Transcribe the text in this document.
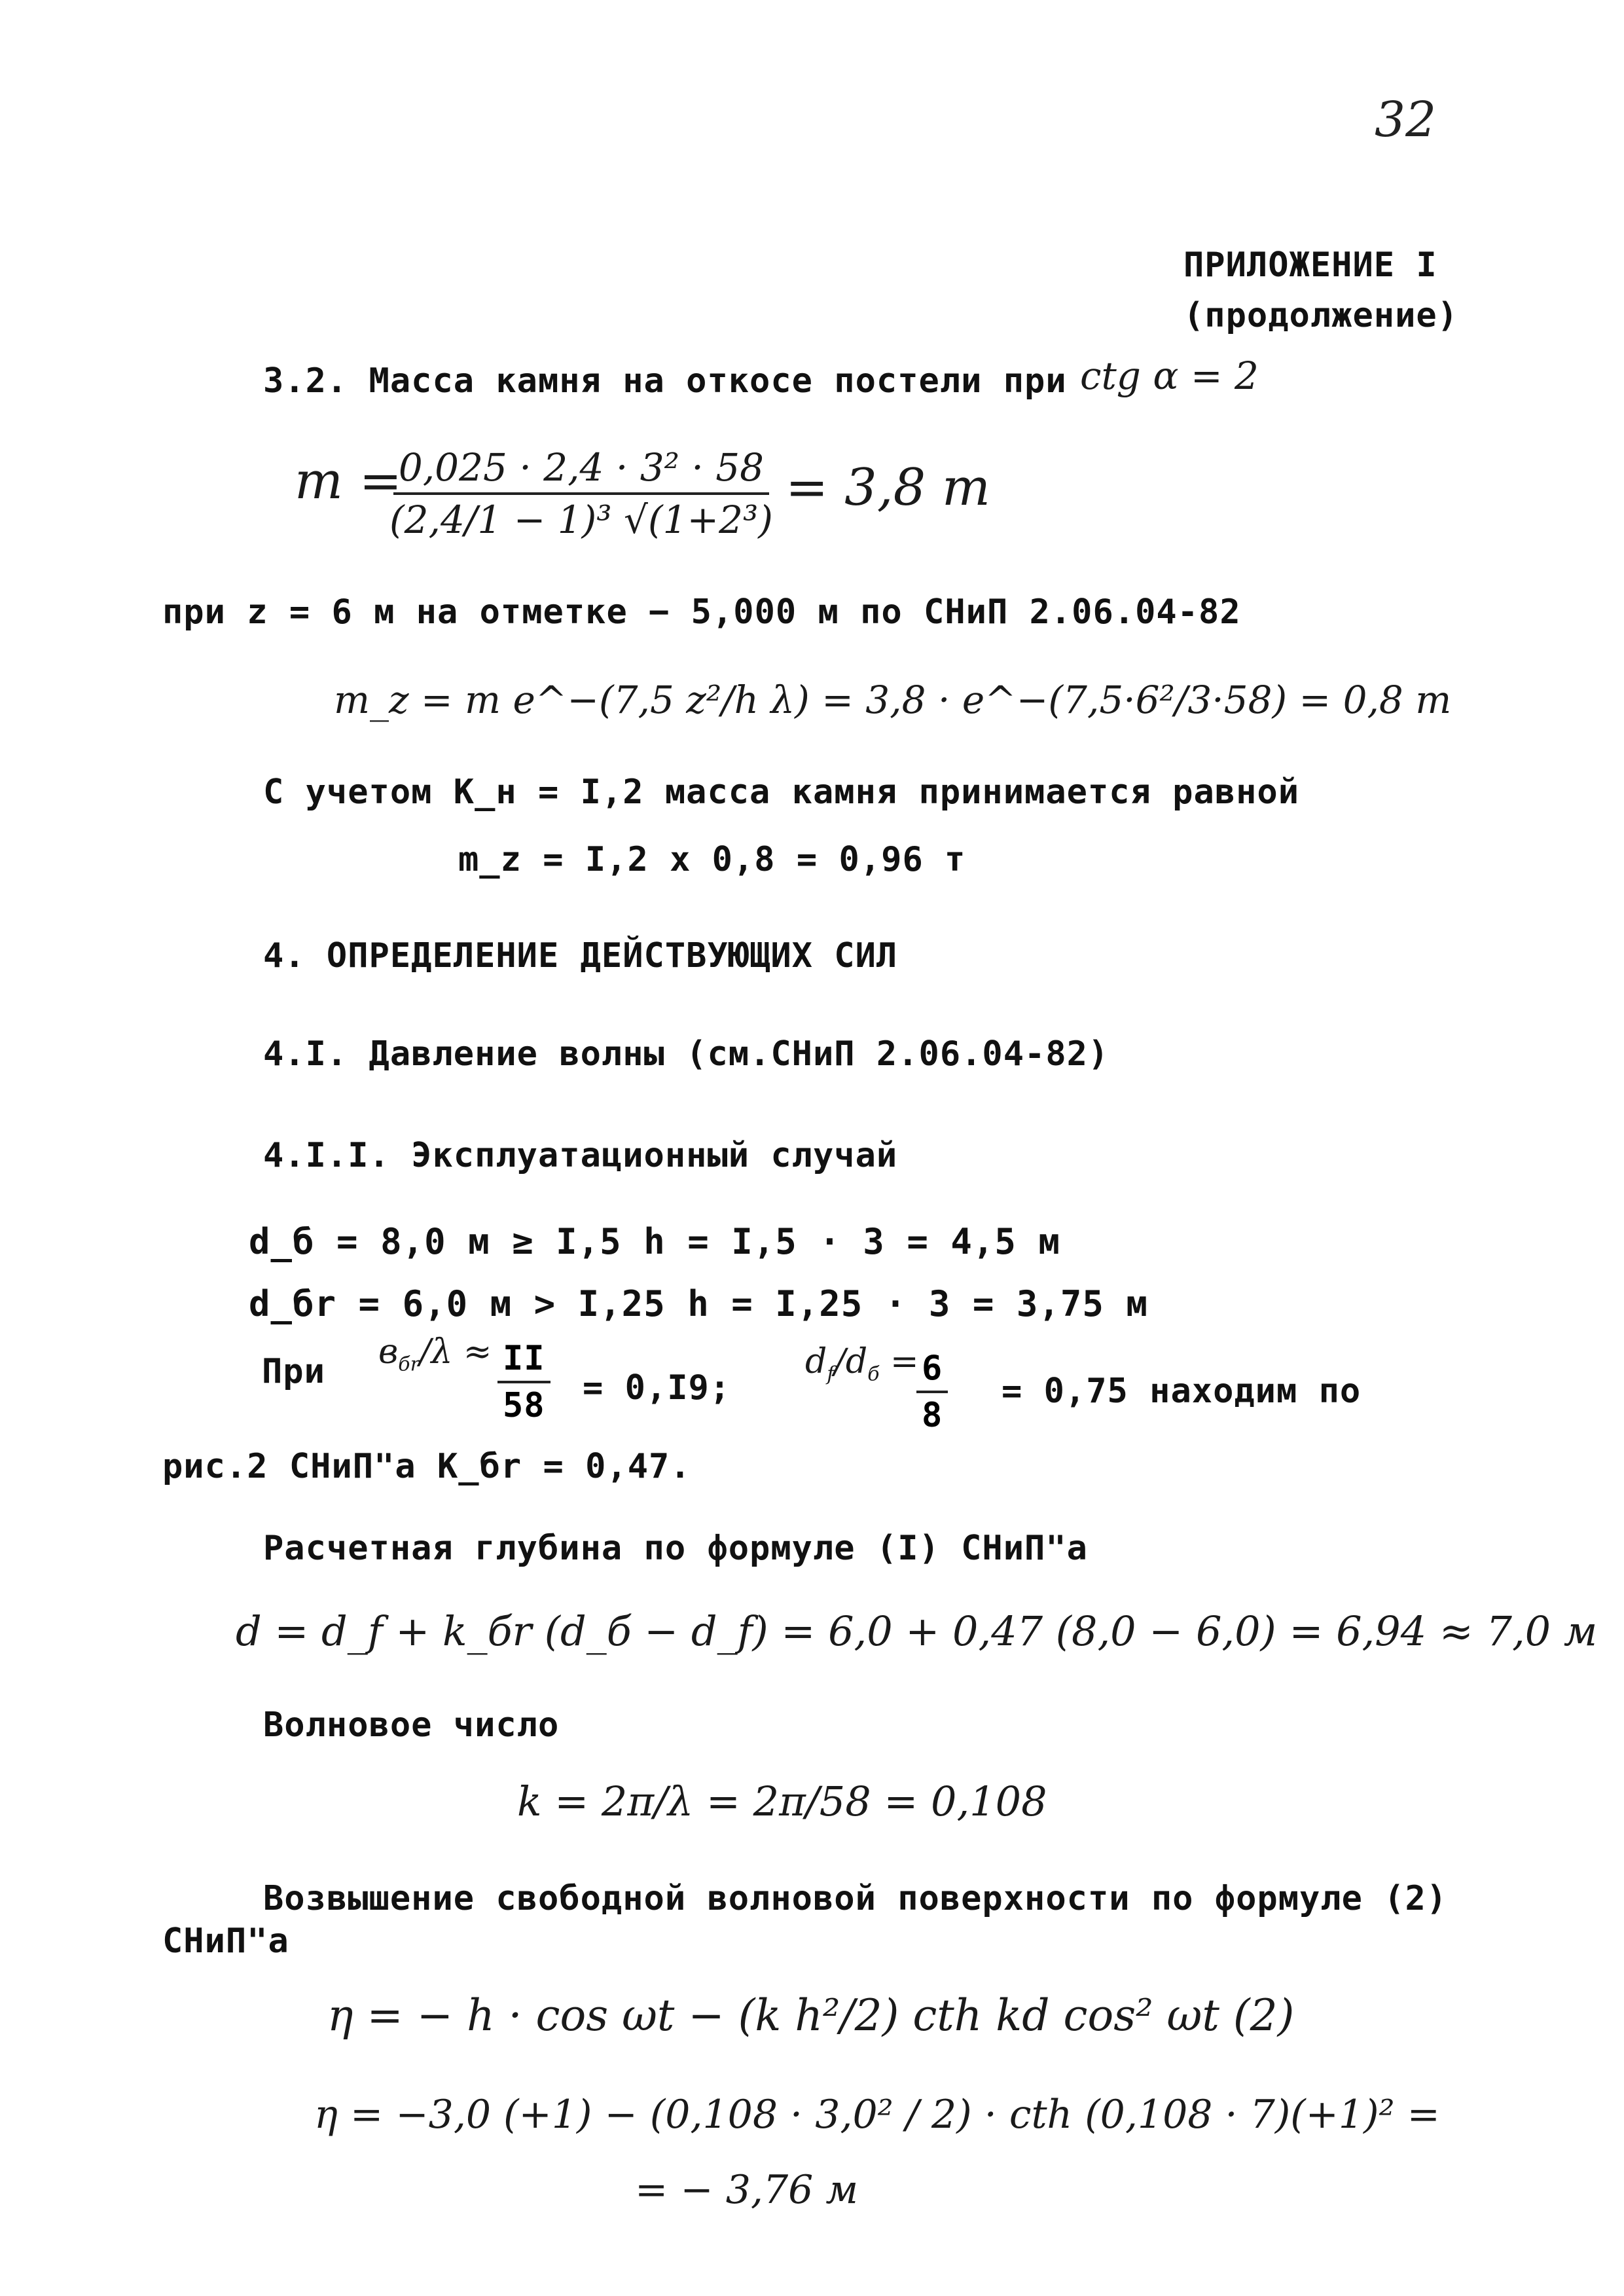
32
ПРИЛОЖЕНИЕ I
(продолжение)
3.2. Масса камня на откосе постели при ctg α = 2
m =
$\frac{\text{0,025 · 2,4 · 3² · 58}}{\text{(2,4/1 − 1)³ √(1+2³)}} = 3,8$ т
при z = 6 м на отметке − 5,000 м по СНиП 2.06.04-82
m_z = m e^−(7,5 z²/h λ) = 3,8 · e^−(7,5·6²/3·58) = 0,8 т
С учетом К_н = I,2 масса камня принимается равной
m_z = I,2 x 0,8 = 0,96 т
4. ОПРЕДЕЛЕНИЕ ДЕЙСТВУЮЩИХ СИЛ
4.I. Давление волны (см.СНиП 2.06.04-82)
4.I.I. Эксплуатационный случай
d_б = 8,0 м ≥ I,5 h = I,5 · 3 = 4,5 м
d_бr = 6,0 м > I,25 h = I,25 · 3 = 3,75 м
При $в_{бr}/\lambda \approx \frac{II}{58} = 0,I9$;
$d_f/d_б$ =
$\frac{6}{8} = 0,75$ находим по
рис.2 СНиП"а К_бr = 0,47.
Расчетная глубина по формуле (I) СНиП"а
d = d_f + k_бr (d_б − d_f) = 6,0 + 0,47 (8,0 − 6,0) = 6,94 ≈ 7,0 м
Волновое число
k = 2π/λ = 2π/58 = 0,108
Возвышение свободной волновой поверхности по формуле (2)
СНиП"а
η = − h · cos ωt − (k h²/2) cth kd cos² ωt (2)
η = −3,0 (+1) − (0,108 · 3,0² / 2) · cth (0,108 · 7)(+1)² =
= − 3,76 м
